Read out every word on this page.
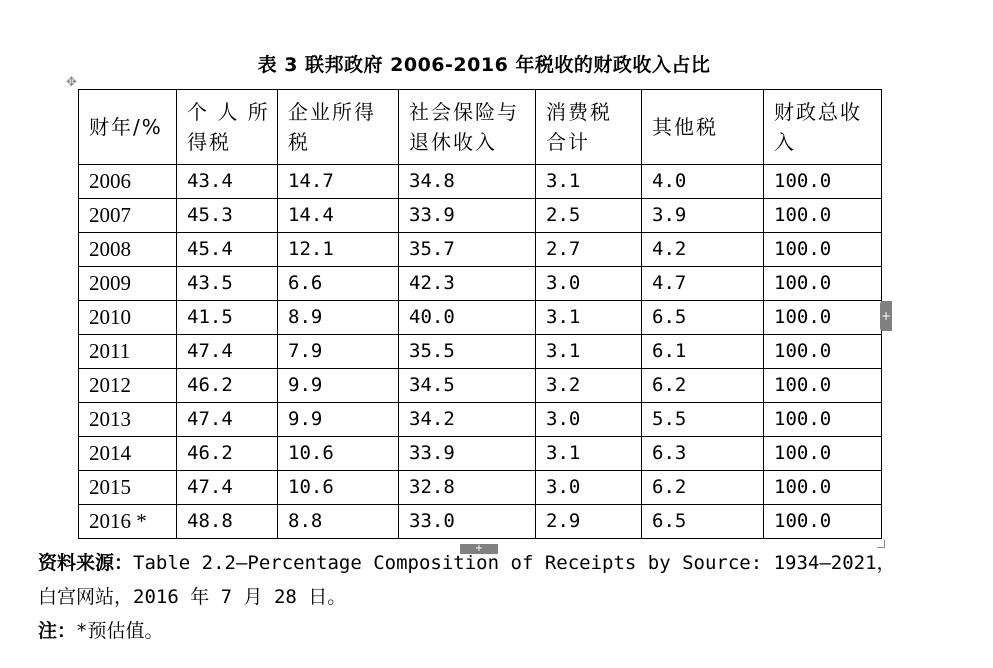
表 3 联邦政府 2006-2016 年税收的财政收入占比
✥
财年/%	个 人 所 得税	企业所得 税	社会保险与 退休收入	消费税 合计	其他税	财政总收 入
2006	43.4	14.7	34.8	3.1	4.0	100.0
2007	45.3	14.4	33.9	2.5	3.9	100.0
2008	45.4	12.1	35.7	2.7	4.2	100.0
2009	43.5	6.6	42.3	3.0	4.7	100.0
2010	41.5	8.9	40.0	3.1	6.5	100.0
2011	47.4	7.9	35.5	3.1	6.1	100.0
2012	46.2	9.9	34.5	3.2	6.2	100.0
2013	47.4	9.9	34.2	3.0	5.5	100.0
2014	46.2	10.6	33.9	3.1	6.3	100.0
2015	47.4	10.6	32.8	3.0	6.2	100.0
2016 *	48.8	8.8	33.0	2.9	6.5	100.0
+
+
资料来源：Table 2.2—Percentage Composition of Receipts by Source: 1934–2021，
白宫网站，2016 年 7 月 28 日。
注：*预估值。
